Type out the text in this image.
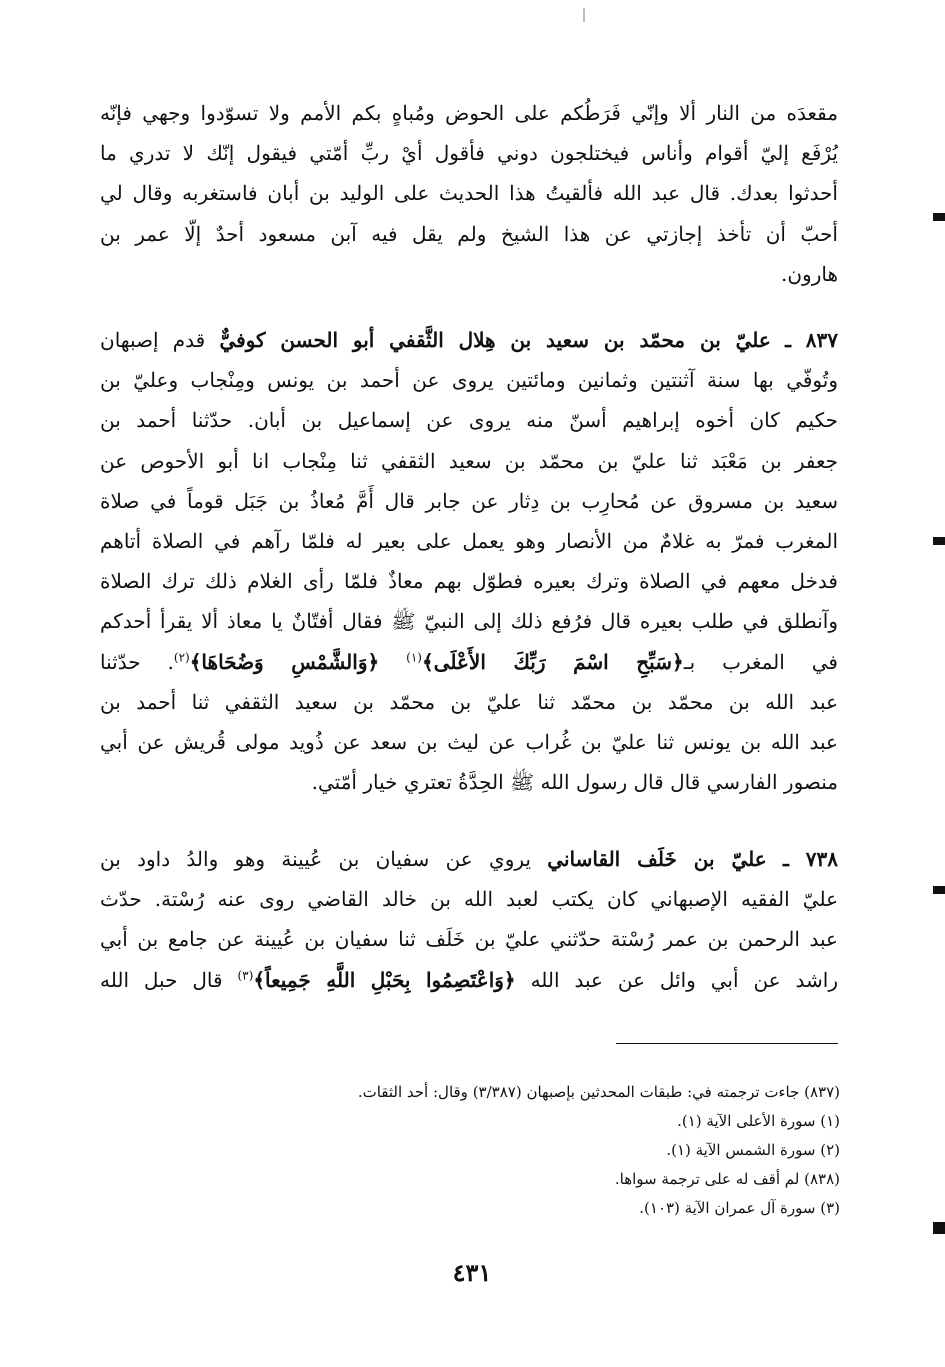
مقعدَه من النار ألا وإنّي فَرَطُكم على الحوض ومُباهٍ بكم الأمم ولا تسوّدوا وجهي فإنّه
يُرْفَع إليّ أقوام وأناس فيختلجون دوني فأقول أيْ ربِّ أمّتي فيقول إنّك لا تدري ما
أحدثوا بعدك. قال عبد الله فألقيتُ هذا الحديث على الوليد بن أبان فاستغربه وقال لي
أحبّ أن تأخذ إجازتي عن هذا الشيخ ولم يقل فيه آبن مسعود أحدٌ إلّا عمر بن
هارون.
٨٣٧ ـ عليّ بن محمّد بن سعيد بن هِلال الثَّقفي أبو الحسن كوفيٌّ قدم إصبهان
وتُوفّي بها سنة آثنتين وثمانين ومائتين يروى عن أحمد بن يونس ومِنْجاب وعليّ بن
حكيم كان أخوه إبراهيم أسنّ منه يروى عن إسماعيل بن أبان. حدّثنا أحمد بن
جعفر بن مَعْبَد ثنا عليّ بن محمّد بن سعيد الثقفي ثنا مِنْجاب انا أبو الأحوص عن
سعيد بن مسروق عن مُحارِب بن دِثار عن جابر قال أَمَّ مُعاذُ بن جَبَل قوماً في صلاة
المغرب فمرّ به غلامٌ من الأنصار وهو يعمل على بعير له فلمّا رآهم في الصلاة أتاهم
فدخل معهم في الصلاة وترك بعيره فطوّل بهم معاذٌ فلمّا رأى الغلام ذلك ترك الصلاة
وآنطلق في طلب بعيره قال فرُفع ذلك إلى النبيّ ﷺ فقال أفتّانٌ يا معاذ ألا يقرأ أحدكم
في المغرب بـ﴿سَبِّحِ اسْمَ رَبِّكَ الأَعْلَى﴾$^{(١)}$ ﴿وَالشَّمْسِ وَضُحَاهَا﴾$^{(٢)}$. حدّثنا
عبد الله بن محمّد بن محمّد ثنا عليّ بن محمّد بن سعيد الثقفي ثنا أحمد بن
عبد الله بن يونس ثنا عليّ بن غُراب عن ليث بن سعد عن ذُويد مولى قُريش عن أبي
منصور الفارسي قال قال رسول الله ﷺ الحِدَّةُ تعتري خيار أمّتي.
٧٣٨ ـ عليّ بن خَلَف القاساني يروي عن سفيان بن عُيينة وهو والدُ داود بن
عليّ الفقيه الإصبهاني كان يكتب لعبد الله بن خالد القاضي روى عنه رُسْتة. حدّث
عبد الرحمن بن عمر رُسْتة حدّثني عليّ بن خَلَف ثنا سفيان بن عُيينة عن جامع بن أبي
راشد عن أبي وائل عن عبد الله ﴿وَاعْتَصِمُوا بِحَبْلِ اللَّهِ جَمِيعاً﴾$^{(٣)}$ قال حبل الله
(٨٣٧) جاءت ترجمته في: طبقات المحدثين بإصبهان (٣/٣٨٧) وقال: أحد الثقات.
(١) سورة الأعلى الآية (١).
(٢) سورة الشمس الآية (١).
(٨٣٨) لم أقف له على ترجمة سواها.
(٣) سورة آل عمران الآية (١٠٣).
٤٣١
